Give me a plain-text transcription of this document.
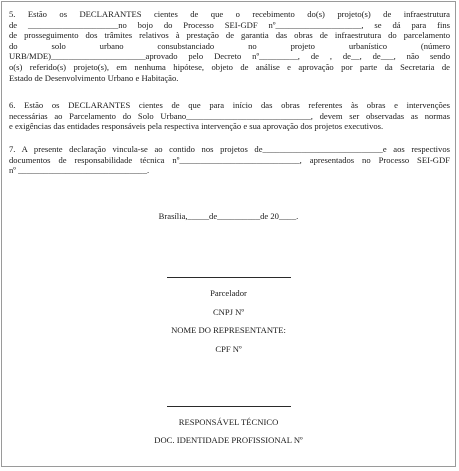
5. Estão os DECLARANTES cientes de que o recebimento do(s) projeto(s) de infraestrutura
de _____________________no bojo do Processo SEI-GDF nº____________________, se dá para fins
de prosseguimento dos trâmites relativos à prestação de garantia das obras de infraestrutura do parcelamento
do solo urbano consubstanciado no projeto urbanístico (número
URB/MDE)______________________aprovado pelo Decreto nº_________, de , de__, de___, não sendo
o(s) referido(s) projeto(s), em nenhuma hipótese, objeto de análise e aprovação por parte da Secretaria de
Estado de Desenvolvimento Urbano e Habitação.
6. Estão os DECLARANTES cientes de que para início das obras referentes às obras e intervenções
necessárias ao Parcelamento do Solo Urbano_____________________________, devem ser observadas as normas
e exigências das entidades responsáveis pela respectiva intervenção e sua aprovação dos projetos executivos.
7. A presente declaração vincula-se ao contido nos projetos de____________________________e aos respectivos
documentos de responsabilidade técnica nº____________________________, apresentados no Processo SEI-GDF
nº ______________________________.
Brasília,_____de__________de 20____.
Parcelador
CNPJ Nº
NOME DO REPRESENTANTE:
CPF Nº
RESPONSÁVEL TÉCNICO
DOC. IDENTIDADE PROFISSIONAL Nº
